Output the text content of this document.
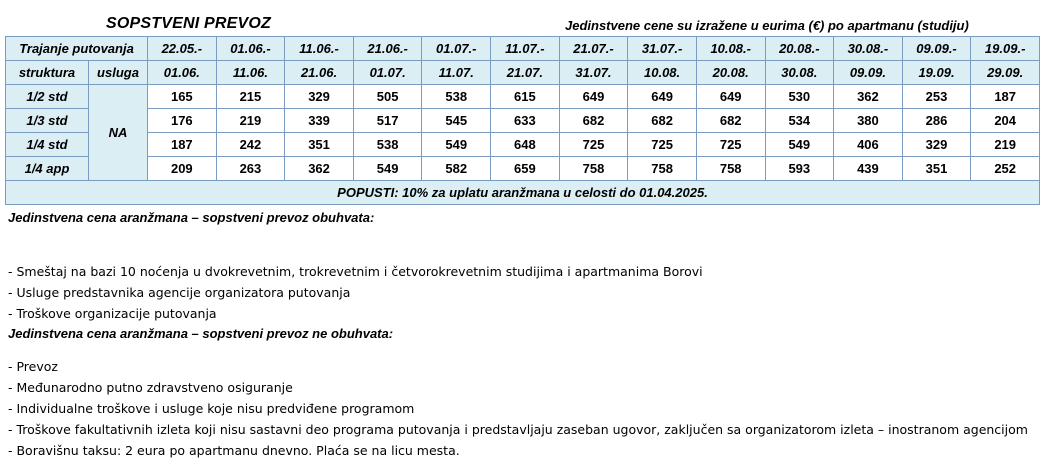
SOPSTVENI PREVOZ	Jedinstvene cene su izražene u eurima (€) po apartmanu (studiju)
Trajanje putovanja		22.05.-	01.06.-	11.06.-	21.06.-	01.07.-	11.07.-	21.07.-	31.07.-	10.08.-	20.08.-	30.08.-	09.09.-	19.09.-
struktura	usluga	01.06.	11.06.	21.06.	01.07.	11.07.	21.07.	31.07.	10.08.	20.08.	30.08.	09.09.	19.09.	29.09.
1/2 std	NA	165	215	329	505	538	615	649	649	649	530	362	253	187
1/3 std		176	219	339	517	545	633	682	682	682	534	380	286	204
1/4 std		187	242	351	538	549	648	725	725	725	549	406	329	219
1/4 app		209	263	362	549	582	659	758	758	758	593	439	351	252
POPUSTI: 10% za uplatu aranžmana u celosti do 01.04.2025.														
Jedinstvena cena aranžmana – sopstveni prevoz obuhvata:
- Smeštaj na bazi 10 noćenja u dvokrevetnim, trokrevetnim i četvorokrevetnim studijima i apartmanima Borovi
- Usluge predstavnika agencije organizatora putovanja
- Troškove organizacije putovanja
Jedinstvena cena aranžmana – sopstveni prevoz ne obuhvata:
- Prevoz
- Međunarodno putno zdravstveno osiguranje
- Individualne troškove i usluge koje nisu predviđene programom
- Troškove fakultativnih izleta koji nisu sastavni deo programa putovanja i predstavljaju zaseban ugovor, zaključen sa organizatorom izleta – inostranom agencijom
- Boravišnu taksu: 2 eura po apartmanu dnevno. Plaća se na licu mesta.
